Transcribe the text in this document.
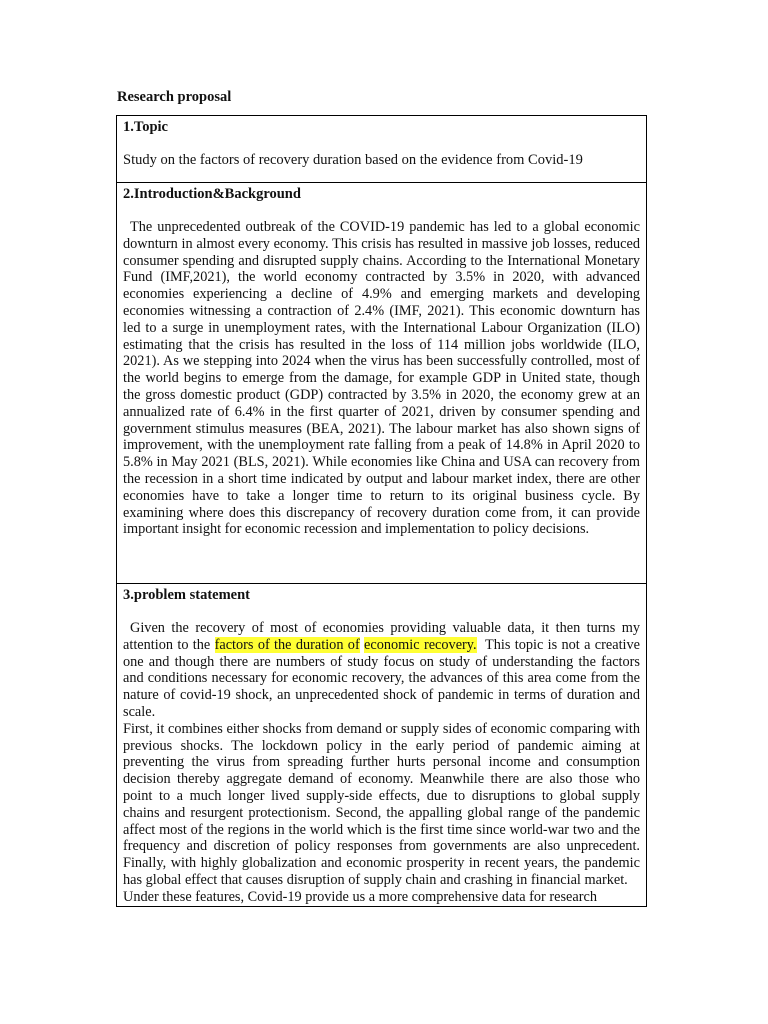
Research proposal

1.Topic

Study on the factors of recovery duration based on the evidence from Covid-19

2.Introduction&Background

The unprecedented outbreak of the COVID-19 pandemic has led to a global economic downturn in almost every economy. This crisis has resulted in massive job losses, reduced consumer spending and disrupted supply chains. According to the International Monetary Fund (IMF,2021), the world economy contracted by 3.5% in 2020, with advanced economies experiencing a decline of 4.9% and emerging markets and developing economies witnessing a contraction of 2.4% (IMF, 2021). This economic downturn has led to a surge in unemployment rates, with the International Labour Organization (ILO) estimating that the crisis has resulted in the loss of 114 million jobs worldwide (ILO, 2021). As we stepping into 2024 when the virus has been successfully controlled, most of the world begins to emerge from the damage, for example GDP in United state, though the gross domestic product (GDP) contracted by 3.5% in 2020, the economy grew at an annualized rate of 6.4% in the first quarter of 2021, driven by consumer spending and government stimulus measures (BEA, 2021). The labour market has also shown signs of improvement, with the unemployment rate falling from a peak of 14.8% in April 2020 to 5.8% in May 2021 (BLS, 2021). While economies like China and USA can recovery from the recession in a short time indicated by output and labour market index, there are other economies have to take a longer time to return to its original business cycle. By examining where does this discrepancy of recovery duration come from, it can provide important insight for economic recession and implementation to policy decisions.

3.problem statement

Given the recovery of most of economies providing valuable data, it then turns my attention to the factors of the duration of economic recovery. This topic is not a creative one and though there are numbers of study focus on study of understanding the factors and conditions necessary for economic recovery, the advances of this area come from the nature of covid-19 shock, an unprecedented shock of pandemic in terms of duration and scale.

First, it combines either shocks from demand or supply sides of economic comparing with previous shocks. The lockdown policy in the early period of pandemic aiming at preventing the virus from spreading further hurts personal income and consumption decision thereby aggregate demand of economy. Meanwhile there are also those who point to a much longer lived supply-side effects, due to disruptions to global supply chains and resurgent protectionism. Second, the appalling global range of the pandemic affect most of the regions in the world which is the first time since world-war two and the frequency and discretion of policy responses from governments are also unprecedent. Finally, with highly globalization and economic prosperity in recent years, the pandemic has global effect that causes disruption of supply chain and crashing in financial market.

Under these features, Covid-19 provide us a more comprehensive data for research
